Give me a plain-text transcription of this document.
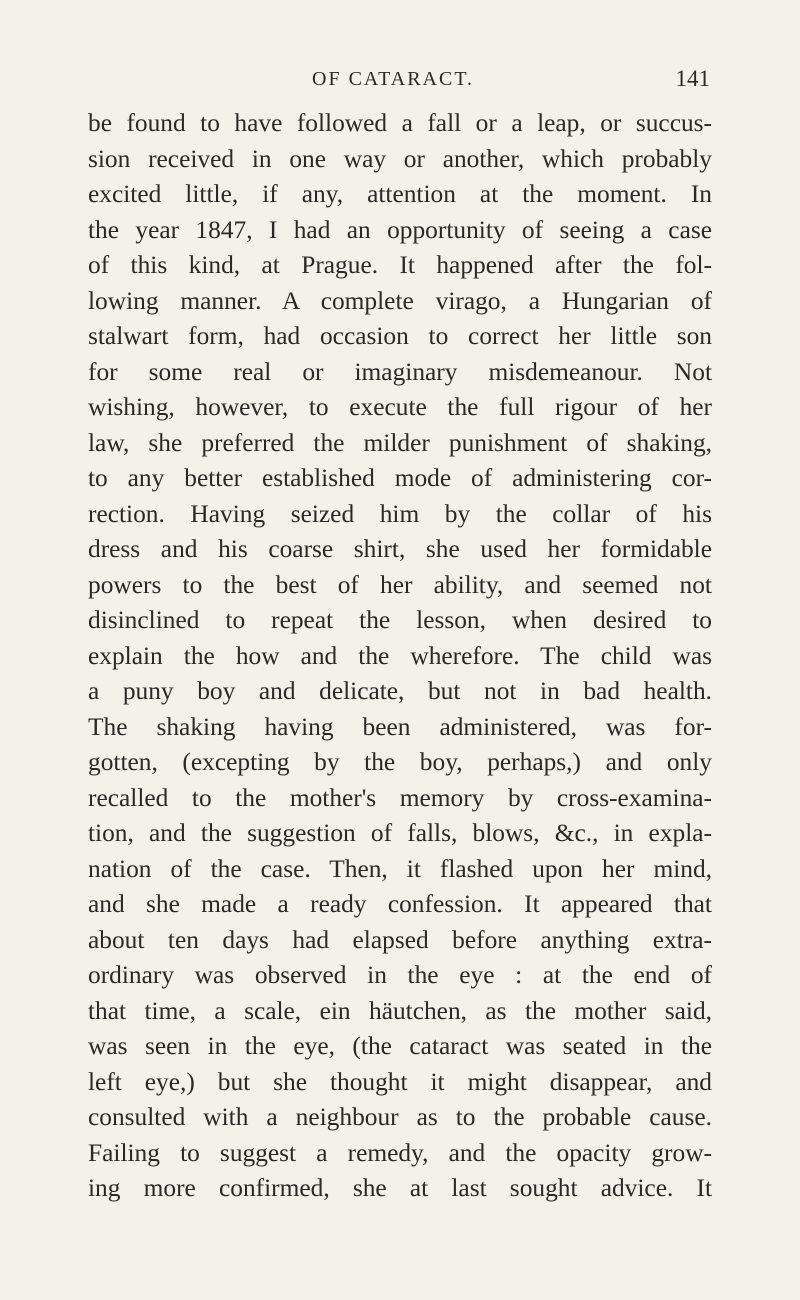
OF CATARACT.	141
be found to have followed a fall or a leap, or succus-
sion received in one way or another, which probably
excited little, if any, attention at the moment. In
the year 1847, I had an opportunity of seeing a case
of this kind, at Prague. It happened after the fol-
lowing manner. A complete virago, a Hungarian of
stalwart form, had occasion to correct her little son
for some real or imaginary misdemeanour. Not
wishing, however, to execute the full rigour of her
law, she preferred the milder punishment of shaking,
to any better established mode of administering cor-
rection. Having seized him by the collar of his
dress and his coarse shirt, she used her formidable
powers to the best of her ability, and seemed not
disinclined to repeat the lesson, when desired to
explain the how and the wherefore. The child was
a puny boy and delicate, but not in bad health.
The shaking having been administered, was for-
gotten, (excepting by the boy, perhaps,) and only
recalled to the mother's memory by cross-examina-
tion, and the suggestion of falls, blows, &c., in expla-
nation of the case. Then, it flashed upon her mind,
and she made a ready confession. It appeared that
about ten days had elapsed before anything extra-
ordinary was observed in the eye : at the end of
that time, a scale, ein häutchen, as the mother said,
was seen in the eye, (the cataract was seated in the
left eye,) but she thought it might disappear, and
consulted with a neighbour as to the probable cause.
Failing to suggest a remedy, and the opacity grow-
ing more confirmed, she at last sought advice. It
